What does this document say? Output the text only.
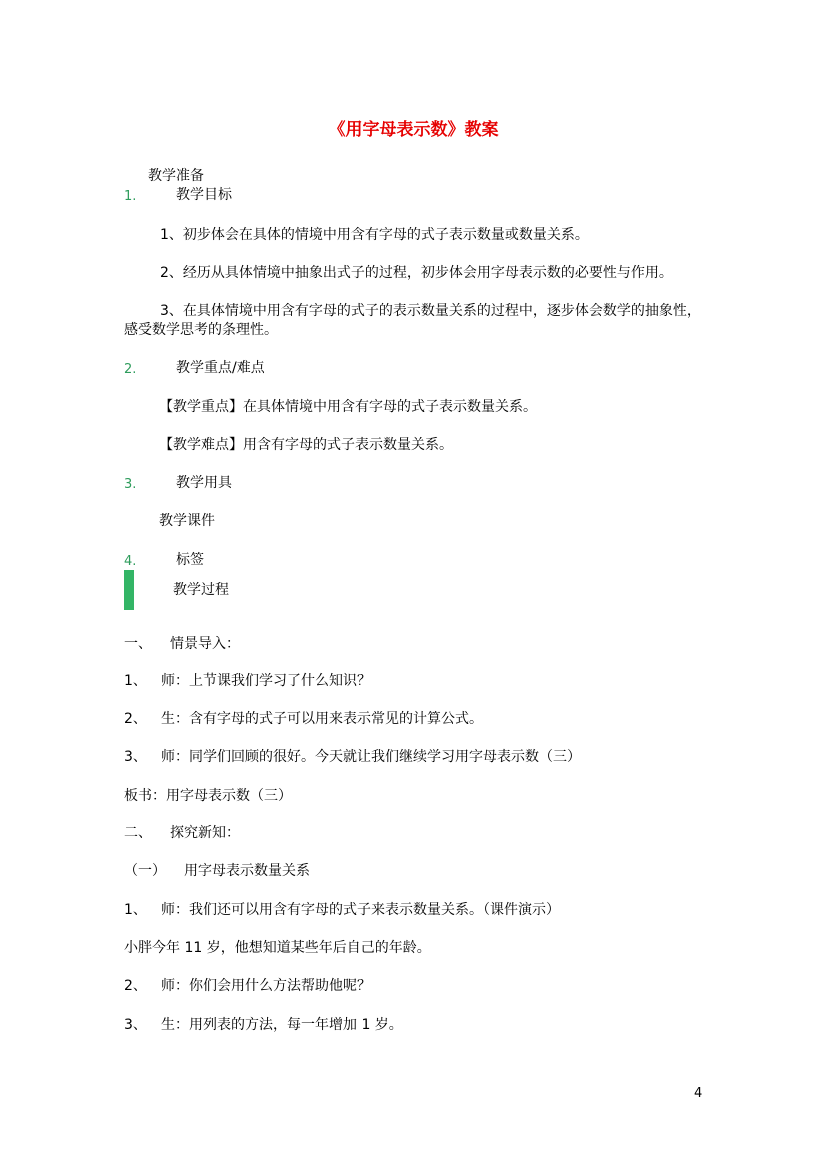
《用字母表示数》教案
教学准备
1.	教学目标
1、初步体会在具体的情境中用含有字母的式子表示数量或数量关系。
2、经历从具体情境中抽象出式子的过程，初步体会用字母表示数的必要性与作用。
3、在具体情境中用含有字母的式子的表示数量关系的过程中，逐步体会数学的抽象性，
感受数学思考的条理性。
2.	教学重点/难点
【教学重点】在具体情境中用含有字母的式子表示数量关系。
【教学难点】用含有字母的式子表示数量关系。
3.	教学用具
教学课件
4.	标签
教学过程
一、 情景导入：
1、 师：上节课我们学习了什么知识？
2、 生：含有字母的式子可以用来表示常见的计算公式。
3、 师：同学们回顾的很好。今天就让我们继续学习用字母表示数（三）
板书：用字母表示数（三）
二、 探究新知：
（一） 用字母表示数量关系
1、 师：我们还可以用含有字母的式子来表示数量关系。（课件演示）
小胖今年 11 岁，他想知道某些年后自己的年龄。
2、 师：你们会用什么方法帮助他呢？
3、 生：用列表的方法，每一年增加 1 岁。
4
